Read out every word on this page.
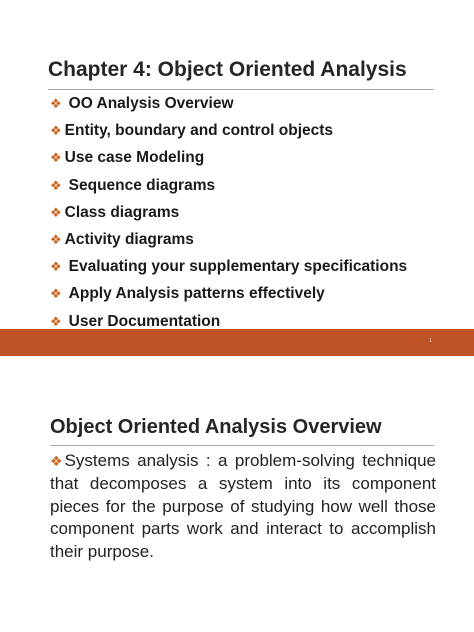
Chapter 4: Object Oriented Analysis
❖ OO Analysis Overview
❖ Entity, boundary and control objects
❖ Use case Modeling
❖ Sequence diagrams
❖ Class diagrams
❖ Activity diagrams
❖ Evaluating your supplementary specifications
❖ Apply Analysis patterns effectively
❖ User Documentation
1
Object Oriented Analysis Overview
❖ Systems analysis : a problem-solving technique that decomposes a system into its component pieces for the purpose of studying how well those component parts work and interact to accomplish their purpose.
